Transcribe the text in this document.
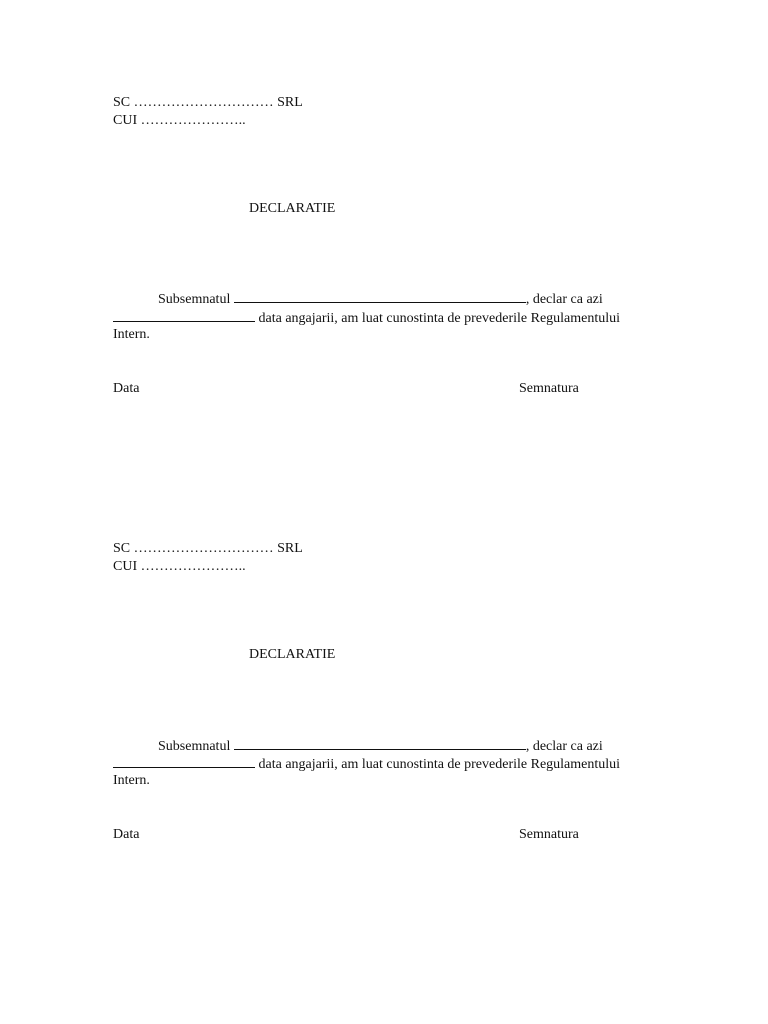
SC ………………………… SRL
CUI …………………..
DECLARATIE
Subsemnatul	, declar ca azi
data angajarii, am luat cunostinta de prevederile Regulamentului
Intern.
Data	Semnatura
SC ………………………… SRL
CUI …………………..
DECLARATIE
Subsemnatul	, declar ca azi
data angajarii, am luat cunostinta de prevederile Regulamentului
Intern.
Data	Semnatura
